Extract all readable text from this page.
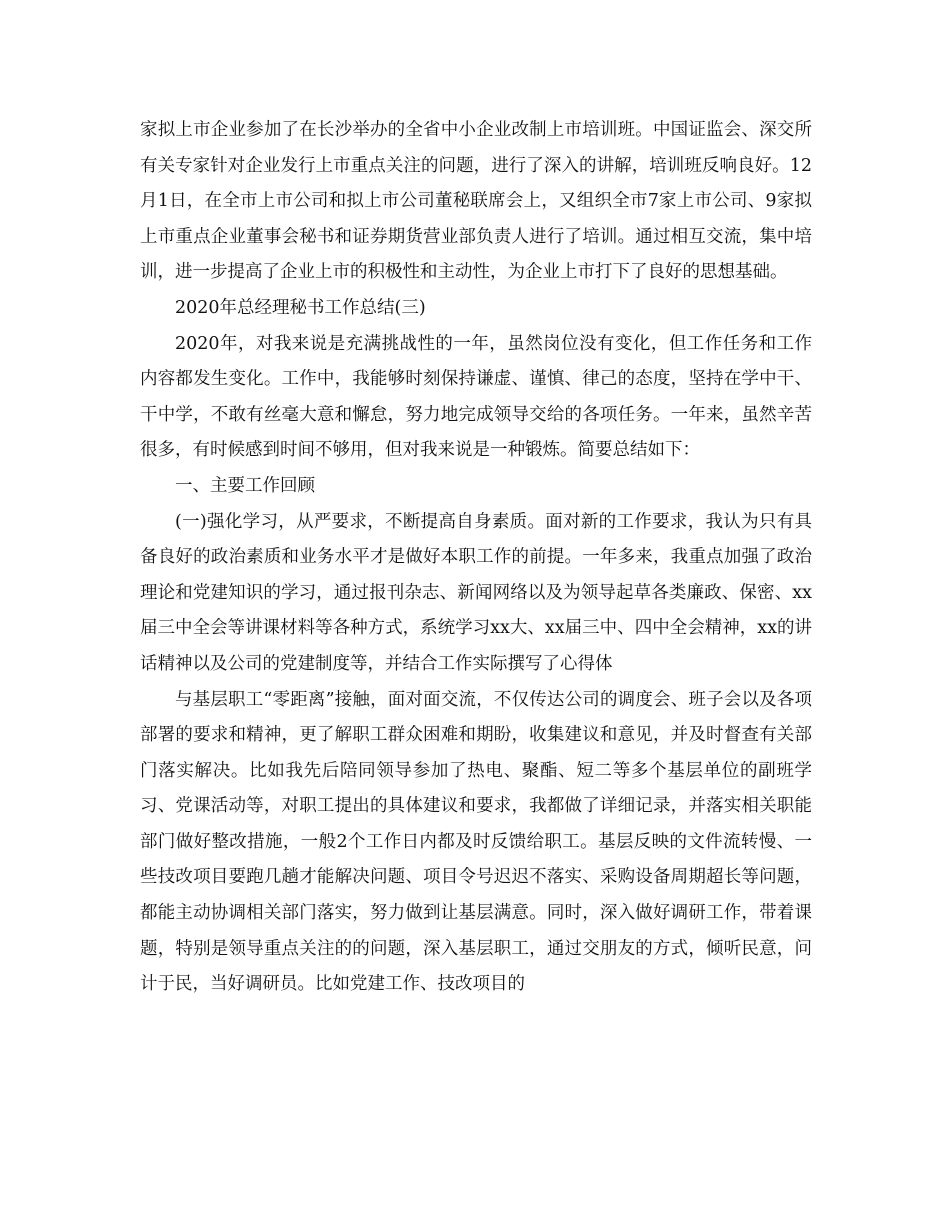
家拟上市企业参加了在长沙举办的全省中小企业改制上市培训班。中国证监会、深交所有关专家针对企业发行上市重点关注的问题，进行了深入的讲解，培训班反响良好。12月1日，在全市上市公司和拟上市公司董秘联席会上，又组织全市7家上市公司、9家拟上市重点企业董事会秘书和证券期货营业部负责人进行了培训。通过相互交流，集中培训，进一步提高了企业上市的积极性和主动性，为企业上市打下了良好的思想基础。

2020年总经理秘书工作总结(三)

2020年，对我来说是充满挑战性的一年，虽然岗位没有变化，但工作任务和工作内容都发生变化。工作中，我能够时刻保持谦虚、谨慎、律己的态度，坚持在学中干、干中学，不敢有丝毫大意和懈怠，努力地完成领导交给的各项任务。一年来，虽然辛苦很多，有时候感到时间不够用，但对我来说是一种锻炼。简要总结如下：

一、主要工作回顾

(一)强化学习，从严要求，不断提高自身素质。面对新的工作要求，我认为只有具备良好的政治素质和业务水平才是做好本职工作的前提。一年多来，我重点加强了政治理论和党建知识的学习，通过报刊杂志、新闻网络以及为领导起草各类廉政、保密、xx届三中全会等讲课材料等各种方式，系统学习xx大、xx届三中、四中全会精神，xx的讲话精神以及公司的党建制度等，并结合工作实际撰写了心得体

与基层职工“零距离”接触，面对面交流，不仅传达公司的调度会、班子会以及各项部署的要求和精神，更了解职工群众困难和期盼，收集建议和意见，并及时督查有关部门落实解决。比如我先后陪同领导参加了热电、聚酯、短二等多个基层单位的副班学习、党课活动等，对职工提出的具体建议和要求，我都做了详细记录，并落实相关职能部门做好整改措施，一般2个工作日内都及时反馈给职工。基层反映的文件流转慢、一些技改项目要跑几趟才能解决问题、项目令号迟迟不落实、采购设备周期超长等问题，都能主动协调相关部门落实，努力做到让基层满意。同时，深入做好调研工作，带着课题，特别是领导重点关注的的问题，深入基层职工，通过交朋友的方式，倾听民意，问计于民，当好调研员。比如党建工作、技改项目的
